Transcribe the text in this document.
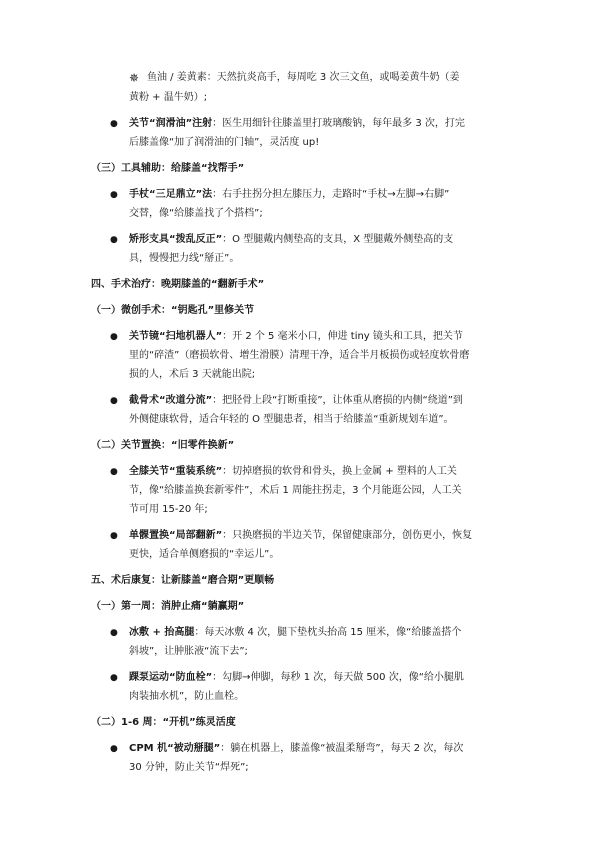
✵ 鱼油 / 姜黄素：天然抗炎高手，每周吃 3 次三文鱼，或喝姜黄牛奶（姜
黄粉 + 温牛奶）;
● 关节“润滑油”注射：医生用细针往膝盖里打玻璃酸钠，每年最多 3 次，打完
后膝盖像“加了润滑油的门轴”，灵活度 up!
（三）工具辅助：给膝盖“找帮手”
● 手杖“三足鼎立”法：右手拄拐分担左膝压力，走路时“手杖→左脚→右脚”
交替，像“给膝盖找了个搭档”;
● 矫形支具“拨乱反正”：O 型腿戴内侧垫高的支具，X 型腿戴外侧垫高的支
具，慢慢把力线“掰正”。
四、手术治疗：晚期膝盖的“翻新手术”
（一）微创手术：“钥匙孔”里修关节
● 关节镜“扫地机器人”：开 2 个 5 毫米小口，伸进 tiny 镜头和工具，把关节
里的“碎渣”（磨损软骨、增生滑膜）清理干净，适合半月板损伤或轻度软骨磨
损的人，术后 3 天就能出院;
● 截骨术“改道分流”：把胫骨上段“打断重接”，让体重从磨损的内侧“绕道”到
外侧健康软骨，适合年轻的 O 型腿患者，相当于给膝盖“重新规划车道”。
（二）关节置换：“旧零件换新”
● 全膝关节“重装系统”：切掉磨损的软骨和骨头，换上金属 + 塑料的人工关
节，像“给膝盖换套新零件”，术后 1 周能拄拐走，3 个月能逛公园，人工关
节可用 15-20 年;
● 单髁置换“局部翻新”：只换磨损的半边关节，保留健康部分，创伤更小，恢复
更快，适合单侧磨损的“幸运儿”。
五、术后康复：让新膝盖“磨合期”更顺畅
（一）第一周：消肿止痛“躺赢期”
● 冰敷 + 抬高腿：每天冰敷 4 次，腿下垫枕头抬高 15 厘米，像“给膝盖搭个
斜坡”，让肿胀液“流下去”;
● 踝泵运动“防血栓”：勾脚→伸脚，每秒 1 次，每天做 500 次，像“给小腿肌
肉装抽水机”，防止血栓。
（二）1-6 周：“开机”练灵活度
● CPM 机“被动掰腿”：躺在机器上，膝盖像“被温柔掰弯”，每天 2 次，每次
30 分钟，防止关节“焊死”;
